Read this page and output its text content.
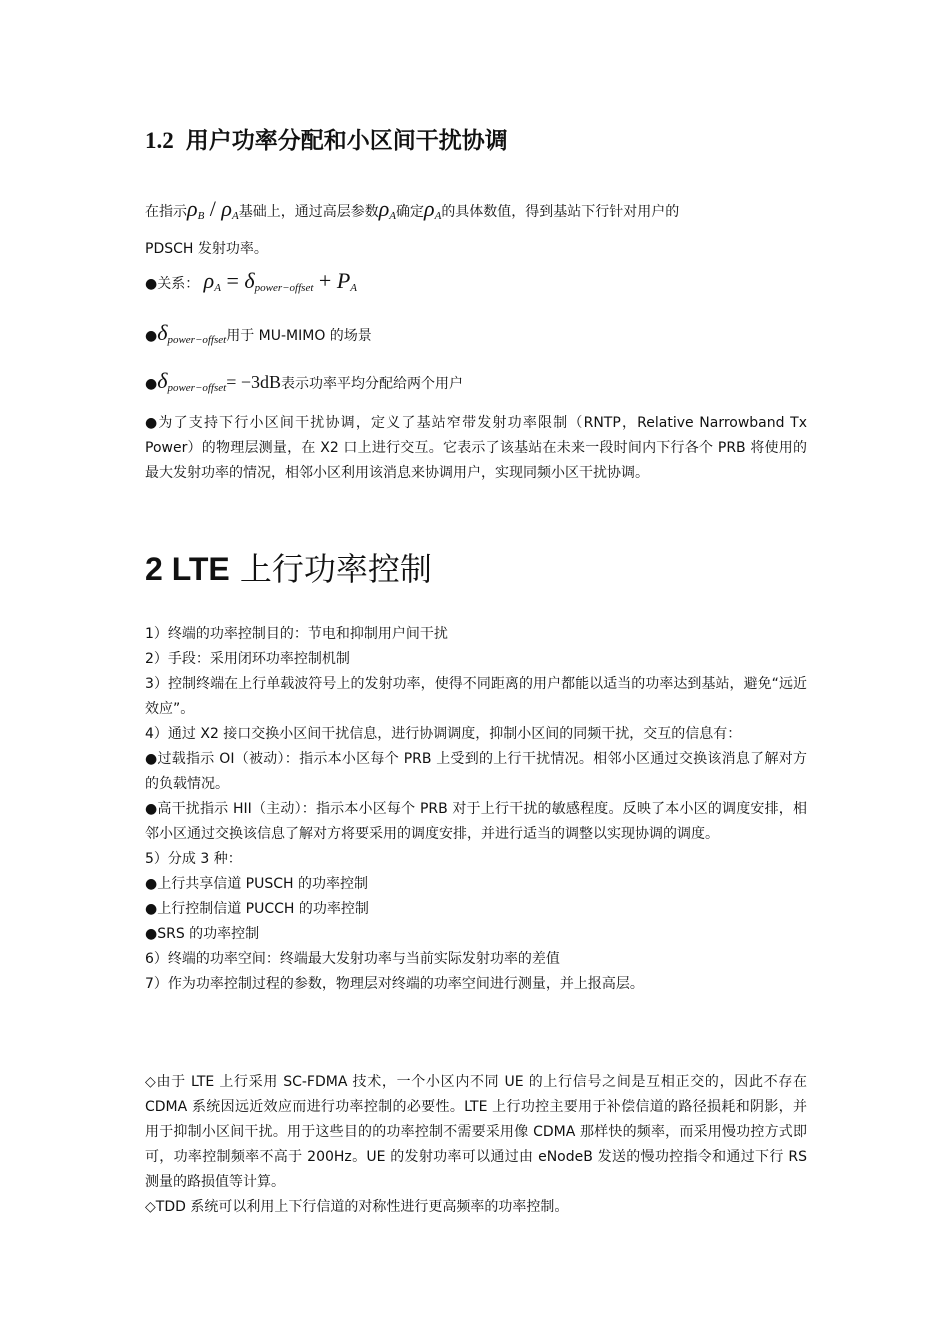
1.2 用户功率分配和小区间干扰协调
在指示$\rho_B / \rho_A$基础上，通过高层参数$\rho_A$确定$\rho_A$的具体数值，得到基站下行针对用户的
PDSCH 发射功率。
●关系： $\rho_A = \delta_{power-offset} + P_A$
$●\delta_{power-offset}$用于 MU-MIMO 的场景
$●\delta_{power-offset}= -3dB$表示功率平均分配给两个用户
●为了支持下行小区间干扰协调，定义了基站窄带发射功率限制（RNTP，Relative Narrowband Tx Power）的物理层测量，在 X2 口上进行交互。它表示了该基站在未来一段时间内下行各个 PRB 将使用的最大发射功率的情况，相邻小区利用该消息来协调用户，实现同频小区干扰协调。
2 LTE 上行功率控制
1）终端的功率控制目的：节电和抑制用户间干扰
2）手段：采用闭环功率控制机制
3）控制终端在上行单载波符号上的发射功率，使得不同距离的用户都能以适当的功率达到基站，避免“远近效应”。
4）通过 X2 接口交换小区间干扰信息，进行协调调度，抑制小区间的同频干扰，交互的信息有：
●过载指示 OI（被动）：指示本小区每个 PRB 上受到的上行干扰情况。相邻小区通过交换该消息了解对方的负载情况。
●高干扰指示 HII（主动）：指示本小区每个 PRB 对于上行干扰的敏感程度。反映了本小区的调度安排，相邻小区通过交换该信息了解对方将要采用的调度安排，并进行适当的调整以实现协调的调度。
5）分成 3 种：
●上行共享信道 PUSCH 的功率控制
●上行控制信道 PUCCH 的功率控制
●SRS 的功率控制
6）终端的功率空间：终端最大发射功率与当前实际发射功率的差值
7）作为功率控制过程的参数，物理层对终端的功率空间进行测量，并上报高层。
◇由于 LTE 上行采用 SC-FDMA 技术，一个小区内不同 UE 的上行信号之间是互相正交的，因此不存在 CDMA 系统因远近效应而进行功率控制的必要性。LTE 上行功控主要用于补偿信道的路径损耗和阴影，并用于抑制小区间干扰。用于这些目的的功率控制不需要采用像 CDMA 那样快的频率，而采用慢功控方式即可，功率控制频率不高于 200Hz。UE 的发射功率可以通过由 eNodeB 发送的慢功控指令和通过下行 RS 测量的路损值等计算。
◇TDD 系统可以利用上下行信道的对称性进行更高频率的功率控制。
